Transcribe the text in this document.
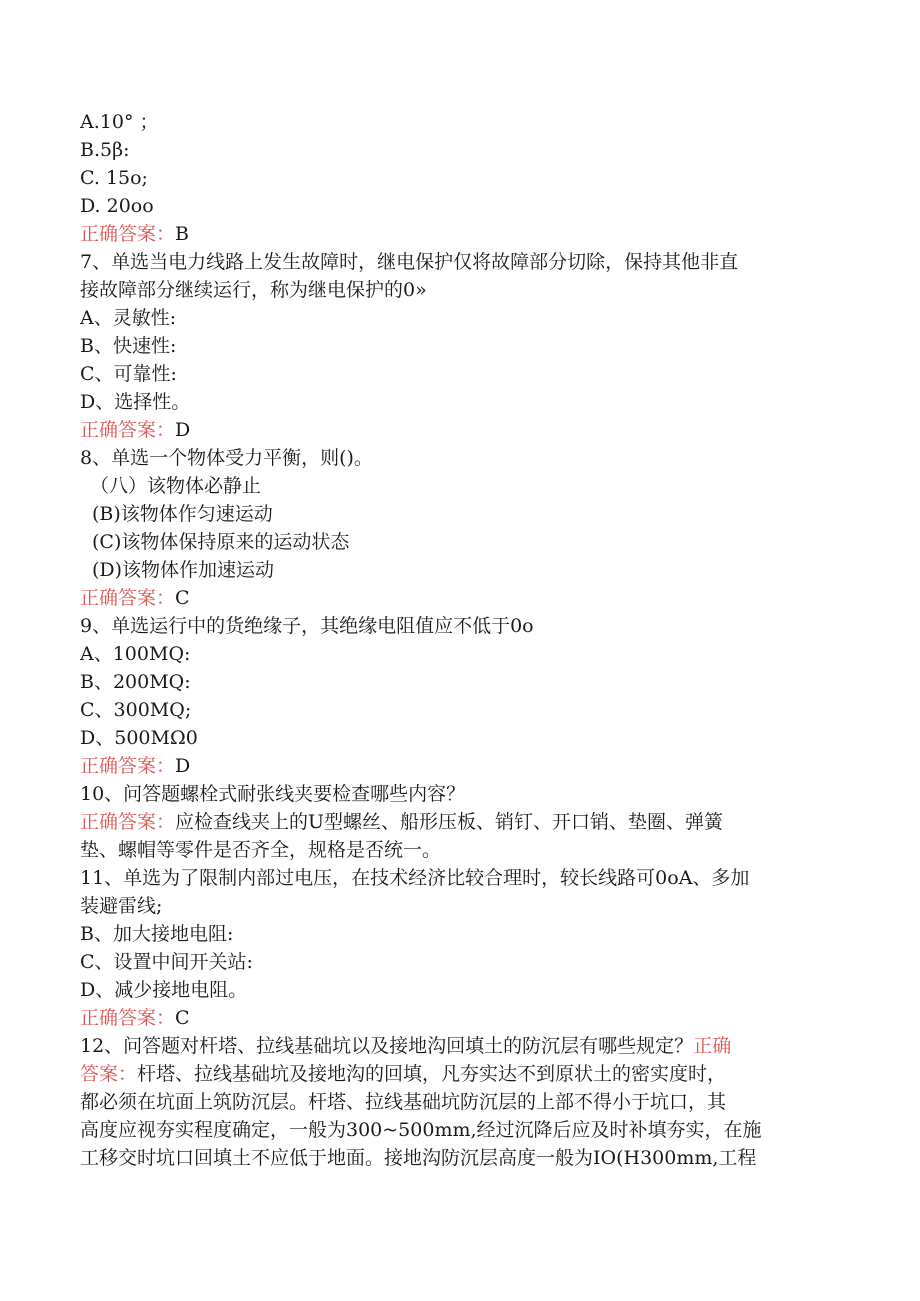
A.10° ；
B.5β:
C. 15o;
D. 20oo
正确答案：B
7、单选当电力线路上发生故障时，继电保护仅将故障部分切除，保持其他非直
接故障部分继续运行，称为继电保护的0»
A、灵敏性:
B、快速性:
C、可靠性:
D、选择性。
正确答案：D
8、单选一个物体受力平衡，则()。
（八）该物体必静止
(B)该物体作匀速运动
(C)该物体保持原来的运动状态
(D)该物体作加速运动
正确答案：C
9、单选运行中的货绝缘子，其绝缘电阻值应不低于0o
A、100MQ:
B、200MQ:
C、300MQ;
D、500MΩ0
正确答案：D
10、问答题螺栓式耐张线夹要检查哪些内容？
正确答案：应检查线夹上的U型螺丝、船形压板、销钉、开口销、垫圈、弹簧
垫、螺帽等零件是否齐全，规格是否统一。
11、单选为了限制内部过电压，在技术经济比较合理时，较长线路可0oA、多加
装避雷线;
B、加大接地电阻:
C、设置中间开关站:
D、减少接地电阻。
正确答案：C
12、问答题对杆塔、拉线基础坑以及接地沟回填土的防沉层有哪些规定？正确
答案：杆塔、拉线基础坑及接地沟的回填，凡夯实达不到原状土的密实度时，
都必须在坑面上筑防沉层。杆塔、拉线基础坑防沉层的上部不得小于坑口，其
高度应视夯实程度确定，一般为300~500mm,经过沉降后应及时补填夯实，在施
工移交时坑口回填土不应低于地面。接地沟防沉层高度一般为IO(H300mm,工程
